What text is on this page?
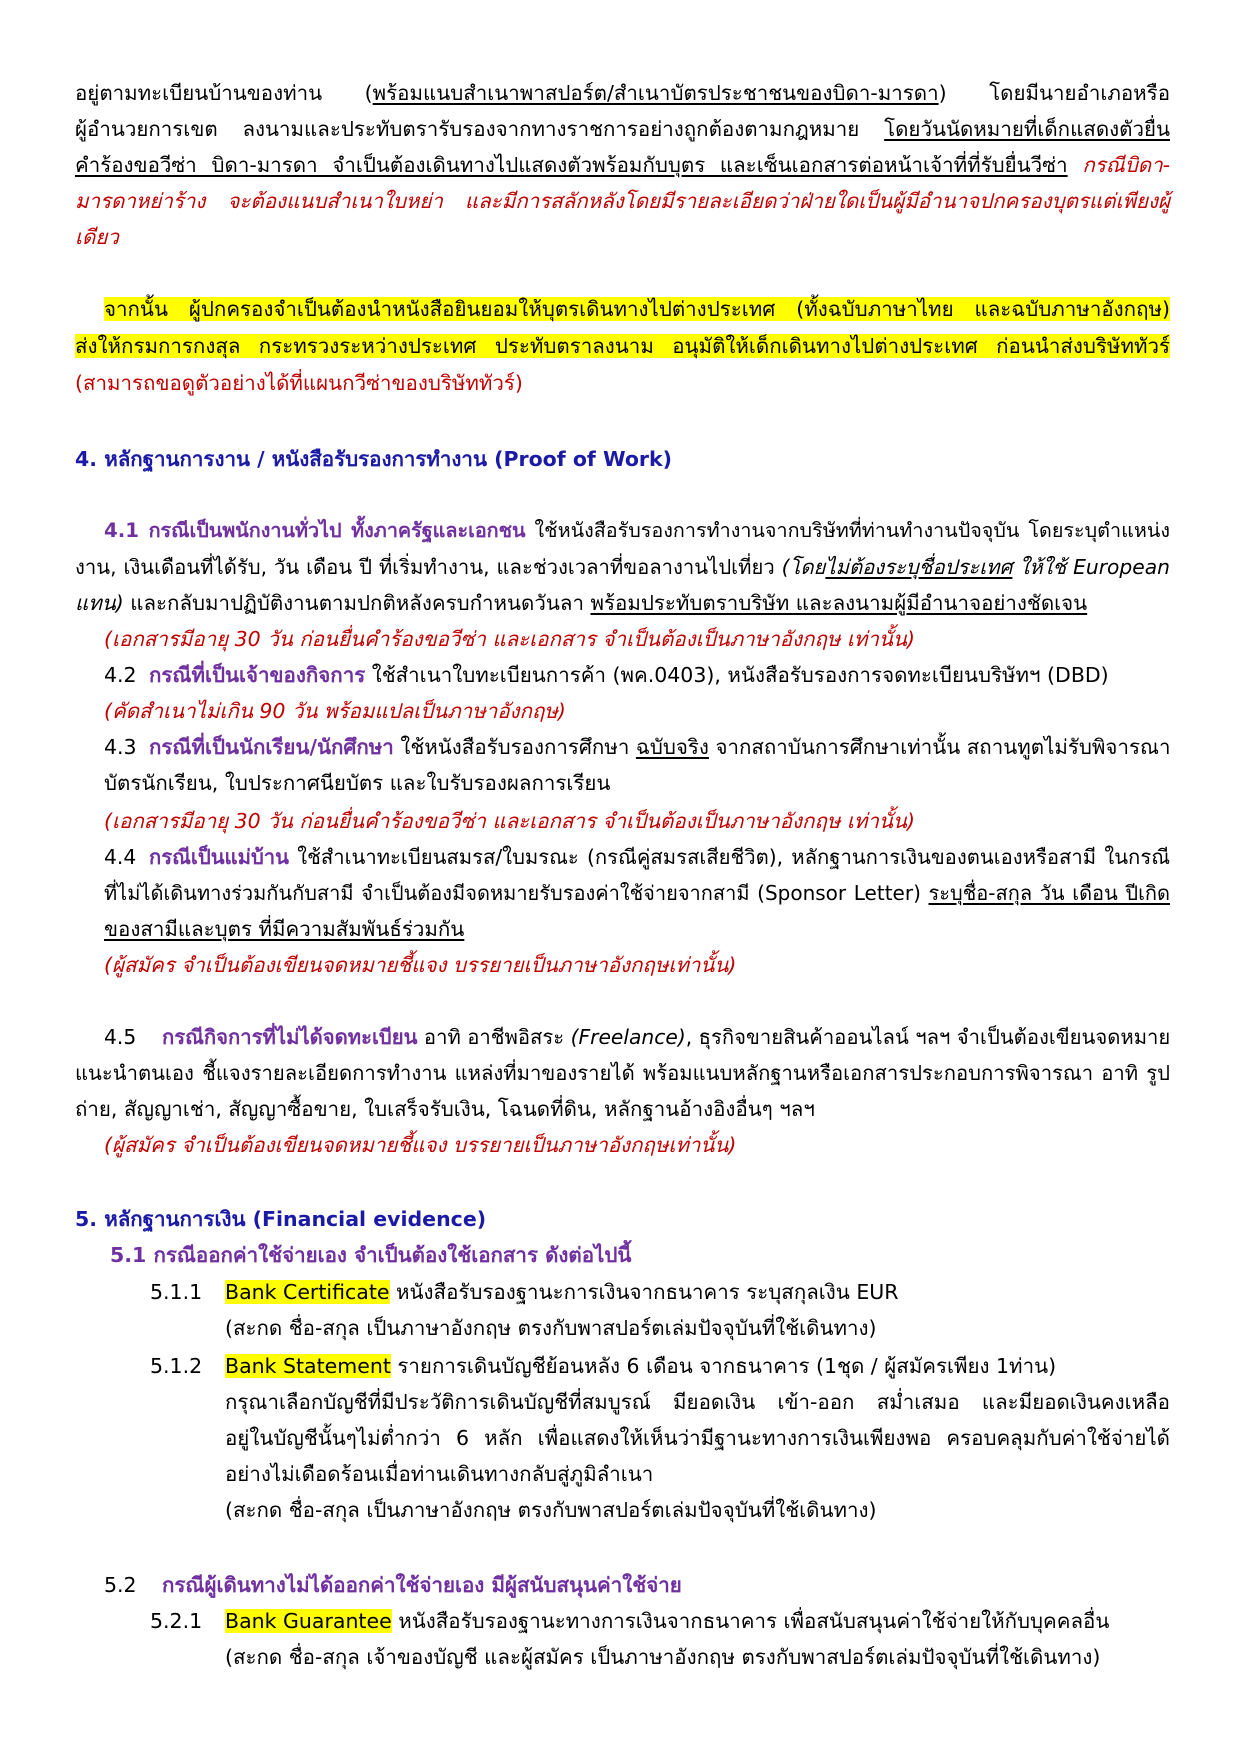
อยู่ตามทะเบียนบ้านของท่าน (พร้อมแนบสำเนาพาสปอร์ต/สำเนาบัตรประชาชนของบิดา-มารดา) โดยมีนายอำเภอหรือ
ผู้อำนวยการเขต ลงนามและประทับตรารับรองจากทางราชการอย่างถูกต้องตามกฎหมาย โดยวันนัดหมายที่เด็กแสดงตัวยื่น
คำร้องขอวีซ่า บิดา-มารดา จำเป็นต้องเดินทางไปแสดงตัวพร้อมกับบุตร และเซ็นเอกสารต่อหน้าเจ้าที่ที่รับยื่นวีซ่า กรณีบิดา-
มารดาหย่าร้าง จะต้องแนบสำเนาใบหย่า และมีการสลักหลังโดยมีรายละเอียดว่าฝ่ายใดเป็นผู้มีอำนาจปกครองบุตรแต่เพียงผู้
เดียว
จากนั้น ผู้ปกครองจำเป็นต้องนำหนังสือยินยอมให้บุตรเดินทางไปต่างประเทศ (ทั้งฉบับภาษาไทย และฉบับภาษาอังกฤษ)
ส่งให้กรมการกงสุล กระทรวงระหว่างประเทศ ประทับตราลงนาม อนุมัติให้เด็กเดินทางไปต่างประเทศ ก่อนนำส่งบริษัททัวร์
(สามารถขอดูตัวอย่างได้ที่แผนกวีซ่าของบริษัททัวร์)
4. หลักฐานการงาน / หนังสือรับรองการทำงาน (Proof of Work)
4.1 กรณีเป็นพนักงานทั่วไป ทั้งภาครัฐและเอกชน ใช้หนังสือรับรองการทำงานจากบริษัทที่ท่านทำงานปัจจุบัน โดยระบุตำแหน่ง
งาน, เงินเดือนที่ได้รับ, วัน เดือน ปี ที่เริ่มทำงาน, และช่วงเวลาที่ขอลางานไปเที่ยว (โดยไม่ต้องระบุชื่อประเทศ ให้ใช้ European
แทน) และกลับมาปฏิบัติงานตามปกติหลังครบกำหนดวันลา พร้อมประทับตราบริษัท และลงนามผู้มีอำนาจอย่างชัดเจน
(เอกสารมีอายุ 30 วัน ก่อนยื่นคำร้องขอวีซ่า และเอกสาร จำเป็นต้องเป็นภาษาอังกฤษ เท่านั้น)
4.2 กรณีที่เป็นเจ้าของกิจการ ใช้สำเนาใบทะเบียนการค้า (พค.0403), หนังสือรับรองการจดทะเบียนบริษัทฯ (DBD)
(คัดสำเนาไม่เกิน 90 วัน พร้อมแปลเป็นภาษาอังกฤษ)
4.3 กรณีที่เป็นนักเรียน/นักศึกษา ใช้หนังสือรับรองการศึกษา ฉบับจริง จากสถาบันการศึกษาเท่านั้น สถานทูตไม่รับพิจารณา
บัตรนักเรียน, ใบประกาศนียบัตร และใบรับรองผลการเรียน
(เอกสารมีอายุ 30 วัน ก่อนยื่นคำร้องขอวีซ่า และเอกสาร จำเป็นต้องเป็นภาษาอังกฤษ เท่านั้น)
4.4 กรณีเป็นแม่บ้าน ใช้สำเนาทะเบียนสมรส/ใบมรณะ (กรณีคู่สมรสเสียชีวิต), หลักฐานการเงินของตนเองหรือสามี ในกรณี
ที่ไม่ได้เดินทางร่วมกันกับสามี จำเป็นต้องมีจดหมายรับรองค่าใช้จ่ายจากสามี (Sponsor Letter) ระบุชื่อ-สกุล วัน เดือน ปีเกิด
ของสามีและบุตร ที่มีความสัมพันธ์ร่วมกัน
(ผู้สมัคร จำเป็นต้องเขียนจดหมายชี้แจง บรรยายเป็นภาษาอังกฤษเท่านั้น)
4.5 กรณีกิจการที่ไม่ได้จดทะเบียน อาทิ อาชีพอิสระ (Freelance), ธุรกิจขายสินค้าออนไลน์ ฯลฯ จำเป็นต้องเขียนจดหมาย
แนะนำตนเอง ชี้แจงรายละเอียดการทำงาน แหล่งที่มาของรายได้ พร้อมแนบหลักฐานหรือเอกสารประกอบการพิจารณา อาทิ รูป
ถ่าย, สัญญาเช่า, สัญญาซื้อขาย, ใบเสร็จรับเงิน, โฉนดที่ดิน, หลักฐานอ้างอิงอื่นๆ ฯลฯ
(ผู้สมัคร จำเป็นต้องเขียนจดหมายชี้แจง บรรยายเป็นภาษาอังกฤษเท่านั้น)
5. หลักฐานการเงิน (Financial evidence)
5.1 กรณีออกค่าใช้จ่ายเอง จำเป็นต้องใช้เอกสาร ดังต่อไปนี้
5.1.1 Bank Certificate หนังสือรับรองฐานะการเงินจากธนาคาร ระบุสกุลเงิน EUR
(สะกด ชื่อ-สกุล เป็นภาษาอังกฤษ ตรงกับพาสปอร์ตเล่มปัจจุบันที่ใช้เดินทาง)
5.1.2 Bank Statement รายการเดินบัญชีย้อนหลัง 6 เดือน จากธนาคาร (1ชุด / ผู้สมัครเพียง 1ท่าน)
กรุณาเลือกบัญชีที่มีประวัติการเดินบัญชีที่สมบูรณ์ มียอดเงิน เข้า-ออก สม่ำเสมอ และมียอดเงินคงเหลือ
อยู่ในบัญชีนั้นๆไม่ต่ำกว่า 6 หลัก เพื่อแสดงให้เห็นว่ามีฐานะทางการเงินเพียงพอ ครอบคลุมกับค่าใช้จ่ายได้
อย่างไม่เดือดร้อนเมื่อท่านเดินทางกลับสู่ภูมิลำเนา
(สะกด ชื่อ-สกุล เป็นภาษาอังกฤษ ตรงกับพาสปอร์ตเล่มปัจจุบันที่ใช้เดินทาง)
5.2 กรณีผู้เดินทางไม่ได้ออกค่าใช้จ่ายเอง มีผู้สนับสนุนค่าใช้จ่าย
5.2.1 Bank Guarantee หนังสือรับรองฐานะทางการเงินจากธนาคาร เพื่อสนับสนุนค่าใช้จ่ายให้กับบุคคลอื่น
(สะกด ชื่อ-สกุล เจ้าของบัญชี และผู้สมัคร เป็นภาษาอังกฤษ ตรงกับพาสปอร์ตเล่มปัจจุบันที่ใช้เดินทาง)
